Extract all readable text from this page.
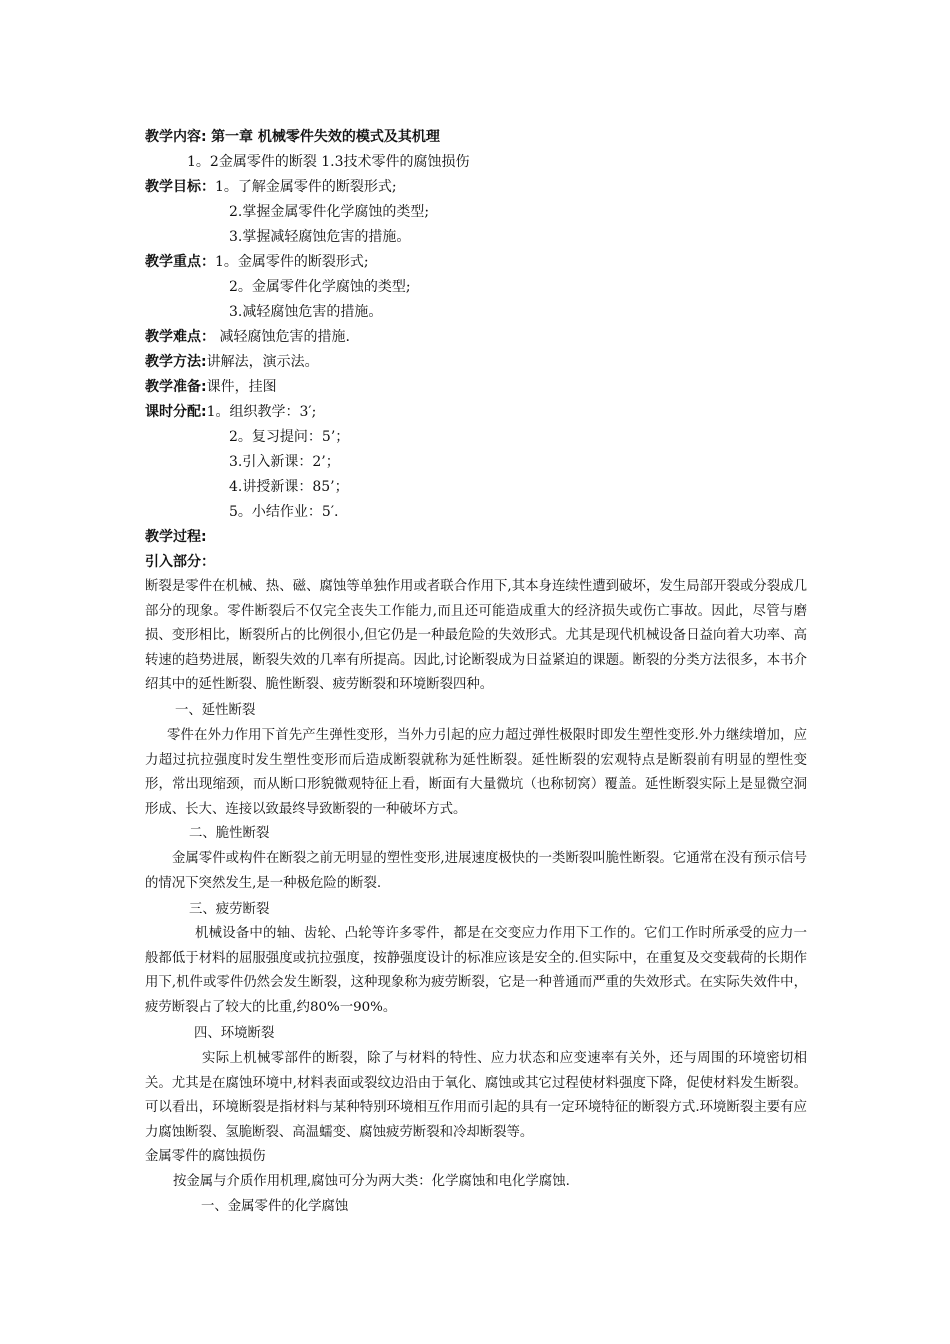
教学内容: 第一章 机械零件失效的模式及其机理
1。2金属零件的断裂 1.3技术零件的腐蚀损伤
教学目标：1。了解金属零件的断裂形式;
2.掌握金属零件化学腐蚀的类型;
3.掌握减轻腐蚀危害的措施。
教学重点：1。金属零件的断裂形式;
2。金属零件化学腐蚀的类型;
3.减轻腐蚀危害的措施。
教学难点： 减轻腐蚀危害的措施.
教学方法:讲解法，演示法。
教学准备:课件，挂图
课时分配:1。组织教学：3′;
2。复习提问：5’；
3.引入新课：2’；
4.讲授新课：85’；
5。小结作业：5′.
教学过程:
引入部分：

断裂是零件在机械、热、磁、腐蚀等单独作用或者联合作用下,其本身连续性遭到破坏，发生局部开裂或分裂成几部分的现象。零件断裂后不仅完全丧失工作能力,而且还可能造成重大的经济损失或伤亡事故。因此，尽管与磨损、变形相比，断裂所占的比例很小,但它仍是一种最危险的失效形式。尤其是现代机械设备日益向着大功率、高转速的趋势进展，断裂失效的几率有所提高。因此,讨论断裂成为日益紧迫的课题。断裂的分类方法很多，本书介绍其中的延性断裂、脆性断裂、疲劳断裂和环境断裂四种。

一、延性断裂

零件在外力作用下首先产生弹性变形，当外力引起的应力超过弹性极限时即发生塑性变形.外力继续增加，应力超过抗拉强度时发生塑性变形而后造成断裂就称为延性断裂。延性断裂的宏观特点是断裂前有明显的塑性变形，常出现缩颈，而从断口形貌微观特征上看，断面有大量微坑（也称韧窝）覆盖。延性断裂实际上是显微空洞形成、长大、连接以致最终导致断裂的一种破坏方式。

二、脆性断裂

金属零件或构件在断裂之前无明显的塑性变形,进展速度极快的一类断裂叫脆性断裂。它通常在没有预示信号的情况下突然发生,是一种极危险的断裂.

三、疲劳断裂

机械设备中的轴、齿轮、凸轮等许多零件，都是在交变应力作用下工作的。它们工作时所承受的应力一般都低于材料的屈服强度或抗拉强度，按静强度设计的标准应该是安全的.但实际中，在重复及交变载荷的长期作用下,机件或零件仍然会发生断裂，这种现象称为疲劳断裂，它是一种普通而严重的失效形式。在实际失效件中，疲劳断裂占了较大的比重,约80%一90%。

四、环境断裂

实际上机械零部件的断裂，除了与材料的特性、应力状态和应变速率有关外，还与周围的环境密切相关。尤其是在腐蚀环境中,材料表面或裂纹边沿由于氧化、腐蚀或其它过程使材料强度下降，促使材料发生断裂。可以看出，环境断裂是指材料与某种特别环境相互作用而引起的具有一定环境特征的断裂方式.环境断裂主要有应力腐蚀断裂、氢脆断裂、高温蠕变、腐蚀疲劳断裂和冷却断裂等。

金属零件的腐蚀损伤
按金属与介质作用机理,腐蚀可分为两大类：化学腐蚀和电化学腐蚀.
一、金属零件的化学腐蚀
